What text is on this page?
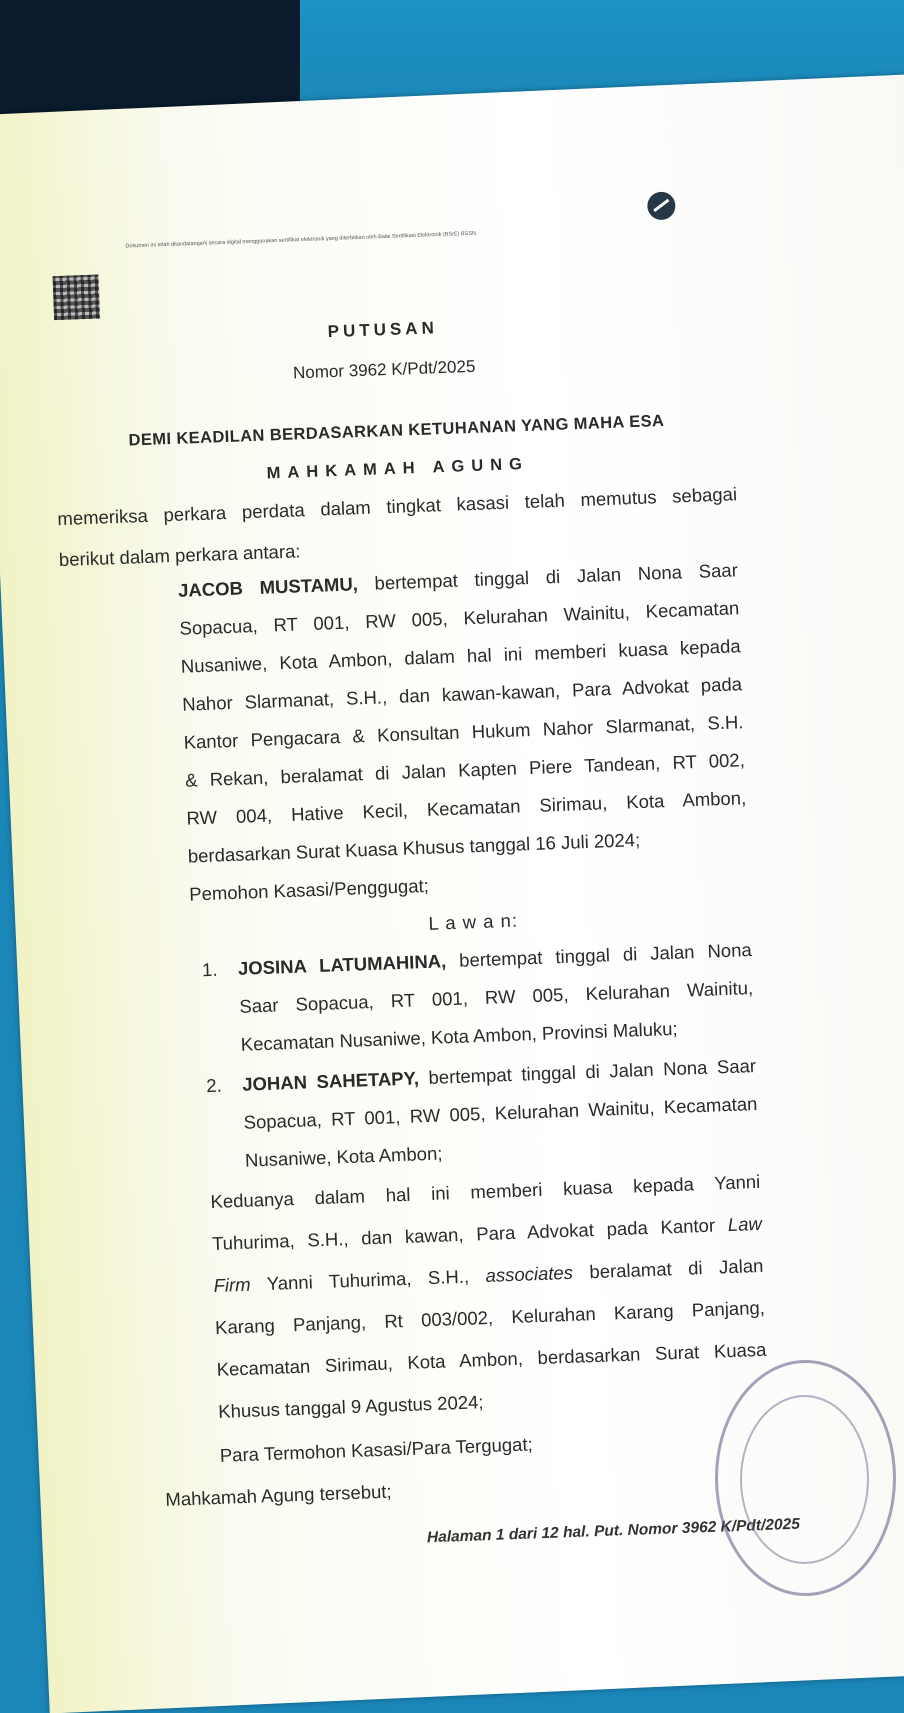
Dokumen ini telah ditandatangani secara digital menggunakan sertifikat elektronik yang diterbitkan oleh Balai Sertifikasi Elektronik (BSrE) BSSN.
PUTUSAN
Nomor 3962 K/Pdt/2025
DEMI KEADILAN BERDASARKAN KETUHANAN YANG MAHA ESA
MAHKAMAH AGUNG
memeriksa perkara perdata dalam tingkat kasasi telah memutus sebagai
berikut dalam perkara antara:
JACOB MUSTAMU, bertempat tinggal di Jalan Nona Saar
Sopacua, RT 001, RW 005, Kelurahan Wainitu, Kecamatan
Nusaniwe, Kota Ambon, dalam hal ini memberi kuasa kepada
Nahor Slarmanat, S.H., dan kawan-kawan, Para Advokat pada
Kantor Pengacara & Konsultan Hukum Nahor Slarmanat, S.H.
& Rekan, beralamat di Jalan Kapten Piere Tandean, RT 002,
RW 004, Hative Kecil, Kecamatan Sirimau, Kota Ambon,
berdasarkan Surat Kuasa Khusus tanggal 16 Juli 2024;
Pemohon Kasasi/Penggugat;
L a w a n:
1. JOSINA LATUMAHINA, bertempat tinggal di Jalan Nona
Saar Sopacua, RT 001, RW 005, Kelurahan Wainitu,
Kecamatan Nusaniwe, Kota Ambon, Provinsi Maluku;
2. JOHAN SAHETAPY, bertempat tinggal di Jalan Nona Saar
Sopacua, RT 001, RW 005, Kelurahan Wainitu, Kecamatan
Nusaniwe, Kota Ambon;
Keduanya dalam hal ini memberi kuasa kepada Yanni
Tuhurima, S.H., dan kawan, Para Advokat pada Kantor Law
Firm Yanni Tuhurima, S.H., associates beralamat di Jalan
Karang Panjang, Rt 003/002, Kelurahan Karang Panjang,
Kecamatan Sirimau, Kota Ambon, berdasarkan Surat Kuasa
Khusus tanggal 9 Agustus 2024;
Para Termohon Kasasi/Para Tergugat;
Mahkamah Agung tersebut;
Halaman 1 dari 12 hal. Put. Nomor 3962 K/Pdt/2025
